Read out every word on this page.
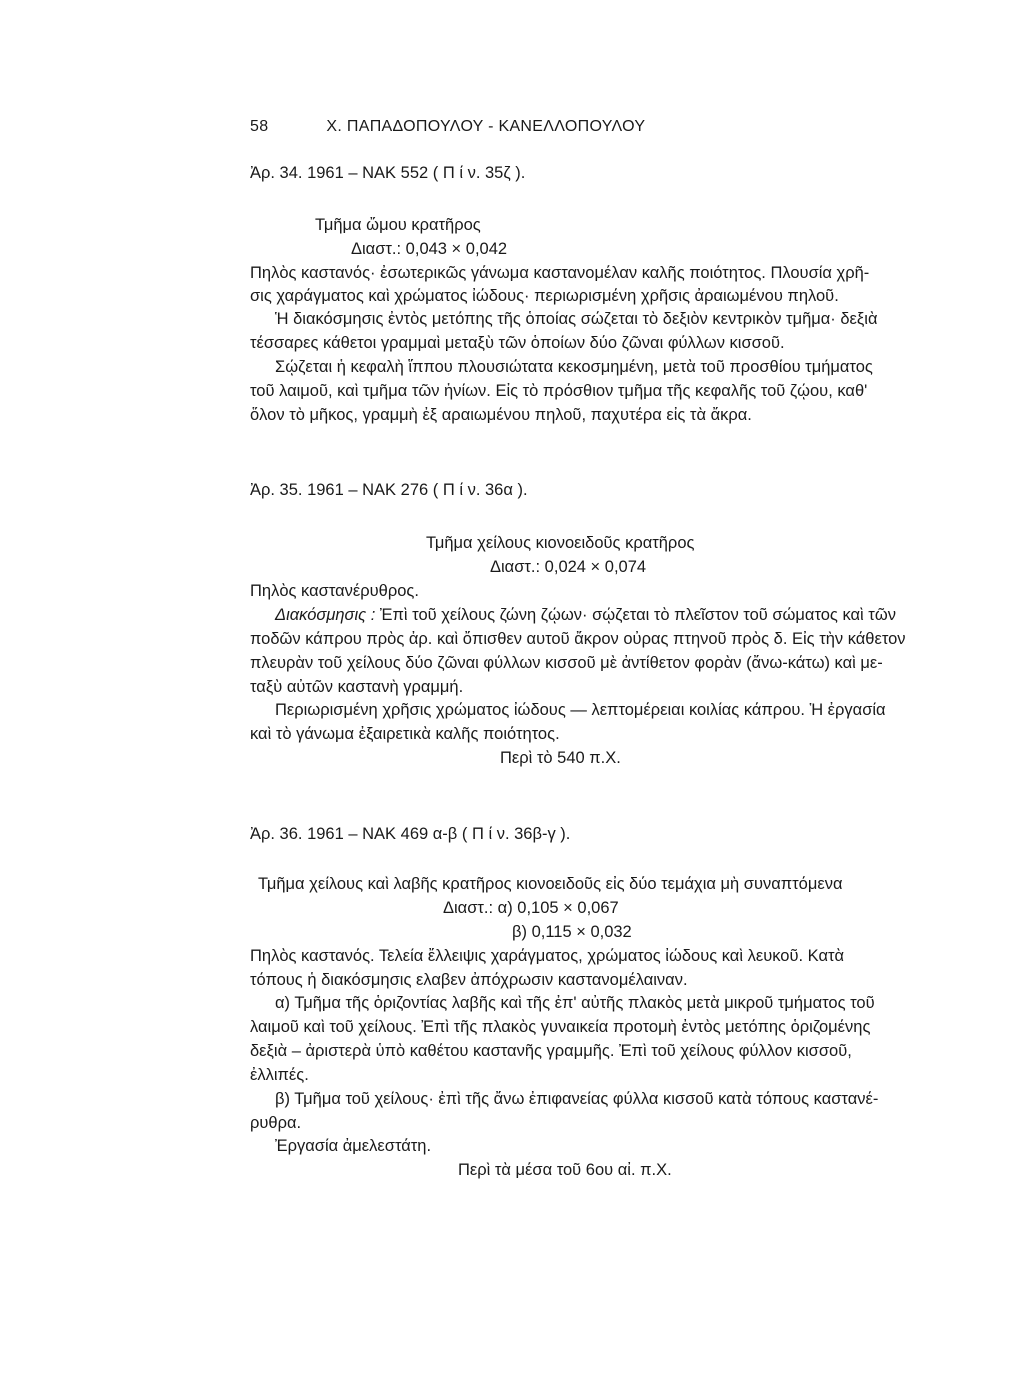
58	Χ. ΠΑΠΑΔΟΠΟΥΛΟΥ - ΚΑΝΕΛΛΟΠΟΥΛΟΥ
Ἀρ. 34. 1961 – ΝΑΚ 552 ( Π ί ν. 35ζ ).
Τμῆμα ὤμου κρατῆρος
Διαστ.: 0,043 × 0,042
Πηλὸς καστανός· ἐσωτερικῶς γάνωμα καστανομέλαν καλῆς ποιότητος. Πλουσία χρῆ-
σις χαράγματος καὶ χρώματος ἰώδους· περιωρισμένη χρῆσις ἀραιωμένου πηλοῦ.
Ἡ διακόσμησις ἐντὸς μετόπης τῆς ὁποίας σώζεται τὸ δεξιὸν κεντρικὸν τμῆμα· δεξιὰ
τέσσαρες κάθετοι γραμμαὶ μεταξὺ τῶν ὁποίων δύο ζῶναι φύλλων κισσοῦ.
Σῴζεται ἡ κεφαλὴ ἵππου πλουσιώτατα κεκοσμημένη, μετὰ τοῦ προσθίου τμήματος
τοῦ λαιμοῦ, καὶ τμῆμα τῶν ἡνίων. Εἰς τὸ πρόσθιον τμῆμα τῆς κεφαλῆς τοῦ ζῴου, καθ'
ὅλον τὸ μῆκος, γραμμὴ ἐξ αραιωμένου πηλοῦ, παχυτέρα εἰς τὰ ἄκρα.
Ἀρ. 35. 1961 – ΝΑΚ 276 ( Π ί ν. 36α ).
Τμῆμα χείλους κιονοειδοῦς κρατῆρος
Διαστ.: 0,024 × 0,074
Πηλὸς καστανέρυθρος.
Διακόσμησις : Ἐπὶ τοῦ χείλους ζώνη ζῴων· σῴζεται τὸ πλεῖστον τοῦ σώματος καὶ τῶν
ποδῶν κάπρου πρὸς ἀρ. καὶ ὄπισθεν αυτοῦ ἄκρον οὐρας πτηνοῦ πρὸς δ. Εἰς τὴν κάθετον
πλευρὰν τοῦ χείλους δύο ζῶναι φύλλων κισσοῦ μὲ ἀντίθετον φορὰν (ἄνω-κάτω) καὶ με-
ταξὺ αὐτῶν καστανὴ γραμμή.
Περιωρισμένη χρῆσις χρώματος ἰώδους — λεπτομέρειαι κοιλίας κάπρου. Ἡ ἐργασία
καὶ τὸ γάνωμα ἐξαιρετικὰ καλῆς ποιότητος.
Περὶ τὸ 540 π.Χ.
Ἀρ. 36. 1961 – ΝΑΚ 469 α-β ( Π ί ν. 36β-γ ).
Τμῆμα χείλους καὶ λαβῆς κρατῆρος κιονοειδοῦς εἰς δύο τεμάχια μὴ συναπτόμενα
Διαστ.: α) 0,105 × 0,067
β) 0,115 × 0,032
Πηλὸς καστανός. Τελεία ἔλλειψις χαράγματος, χρώματος ἰώδους καὶ λευκοῦ. Κατὰ
τόπους ἡ διακόσμησις ελαβεν ἀπόχρωσιν καστανομέλαιναν.
α) Τμῆμα τῆς ὁριζοντίας λαβῆς καὶ τῆς ἐπ' αὐτῆς πλακὸς μετὰ μικροῦ τμήματος τοῦ
λαιμοῦ καὶ τοῦ χείλους. Ἐπὶ τῆς πλακὸς γυναικεία προτομὴ ἐντὸς μετόπης ὁριζομένης
δεξιὰ – ἀριστερὰ ὑπὸ καθέτου καστανῆς γραμμῆς. Ἐπὶ τοῦ χείλους φύλλον κισσοῦ,
ἐλλιπές.
β) Τμῆμα τοῦ χείλους· ἐπὶ τῆς ἄνω ἐπιφανείας φύλλα κισσοῦ κατὰ τόπους καστανέ-
ρυθρα.
Ἐργασία ἀμελεστάτη.
Περὶ τὰ μέσα τοῦ 6ου αἰ. π.Χ.
